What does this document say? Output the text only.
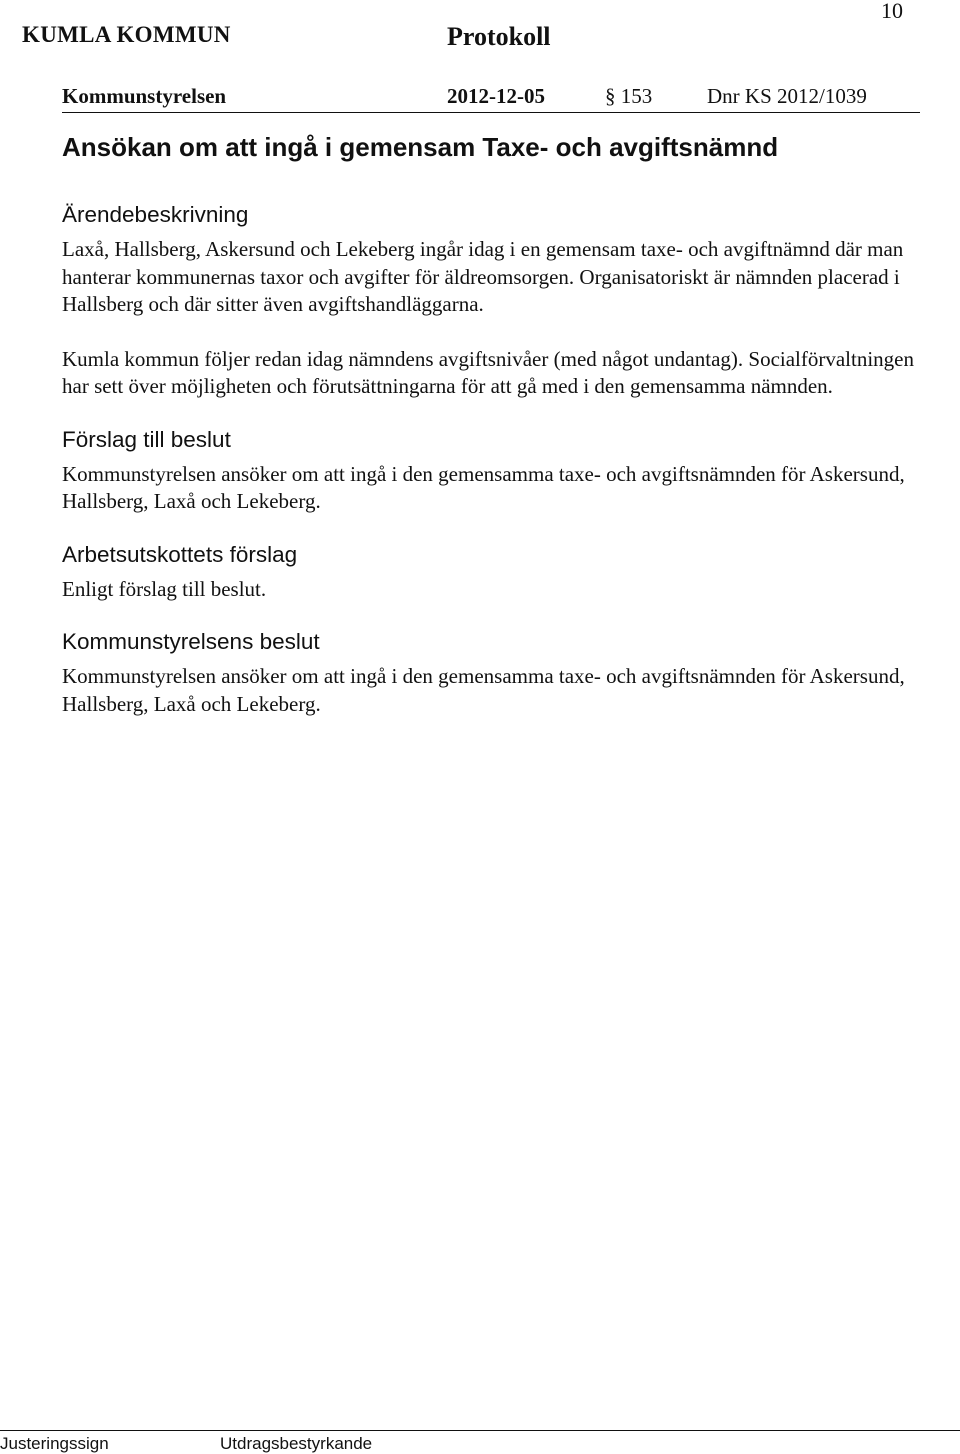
10
KUMLA KOMMUN	Protokoll
Kommunstyrelsen	2012-12-05	§ 153	Dnr KS 2012/1039
Ansökan om att ingå i gemensam Taxe- och avgiftsnämnd
Ärendebeskrivning

Laxå, Hallsberg, Askersund och Lekeberg ingår idag i en gemensam taxe- och avgiftnämnd där man hanterar kommunernas taxor och avgifter för äldreomsorgen. Organisatoriskt är nämnden placerad i Hallsberg och där sitter även avgiftshandläggarna.

Kumla kommun följer redan idag nämndens avgiftsnivåer (med något undantag). Socialförvaltningen har sett över möjligheten och förutsättningarna för att gå med i den gemensamma nämnden.

Förslag till beslut

Kommunstyrelsen ansöker om att ingå i den gemensamma taxe- och avgiftsnämnden för Askersund, Hallsberg, Laxå och Lekeberg.

Arbetsutskottets förslag

Enligt förslag till beslut.

Kommunstyrelsens beslut

Kommunstyrelsen ansöker om att ingå i den gemensamma taxe- och avgiftsnämnden för Askersund, Hallsberg, Laxå och Lekeberg.

Justeringssign	Utdragsbestyrkande
